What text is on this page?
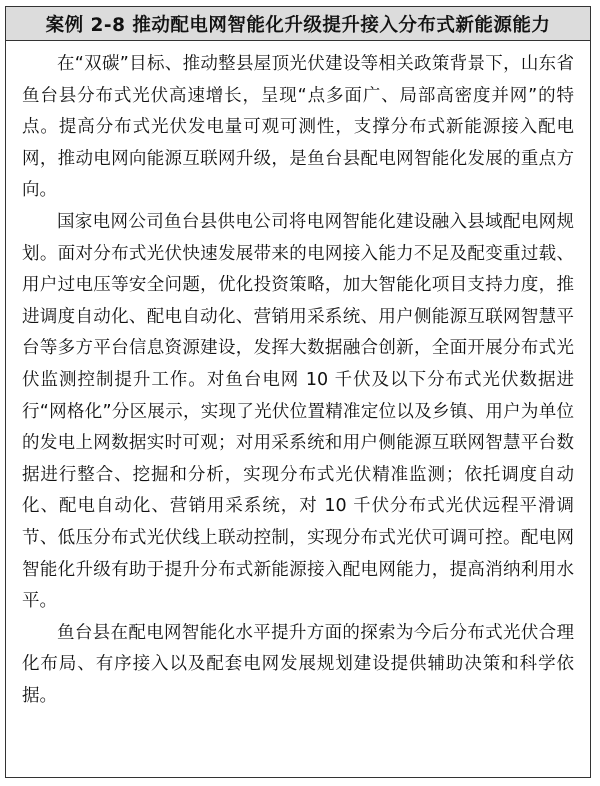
案例 2-8 推动配电网智能化升级提升接入分布式新能源能力

在“双碳”目标、推动整县屋顶光伏建设等相关政策背景下，山东省鱼台县分布式光伏高速增长，呈现“点多面广、局部高密度并网”的特点。提高分布式光伏发电量可观可测性，支撑分布式新能源接入配电网，推动电网向能源互联网升级，是鱼台县配电网智能化发展的重点方向。

国家电网公司鱼台县供电公司将电网智能化建设融入县域配电网规划。面对分布式光伏快速发展带来的电网接入能力不足及配变重过载、用户过电压等安全问题，优化投资策略，加大智能化项目支持力度，推进调度自动化、配电自动化、营销用采系统、用户侧能源互联网智慧平台等多方平台信息资源建设，发挥大数据融合创新，全面开展分布式光伏监测控制提升工作。对鱼台电网 10 千伏及以下分布式光伏数据进行“网格化”分区展示，实现了光伏位置精准定位以及乡镇、用户为单位的发电上网数据实时可观；对用采系统和用户侧能源互联网智慧平台数据进行整合、挖掘和分析，实现分布式光伏精准监测；依托调度自动化、配电自动化、营销用采系统，对 10 千伏分布式光伏远程平滑调节、低压分布式光伏线上联动控制，实现分布式光伏可调可控。配电网智能化升级有助于提升分布式新能源接入配电网能力，提高消纳利用水平。

鱼台县在配电网智能化水平提升方面的探索为今后分布式光伏合理化布局、有序接入以及配套电网发展规划建设提供辅助决策和科学依据。
